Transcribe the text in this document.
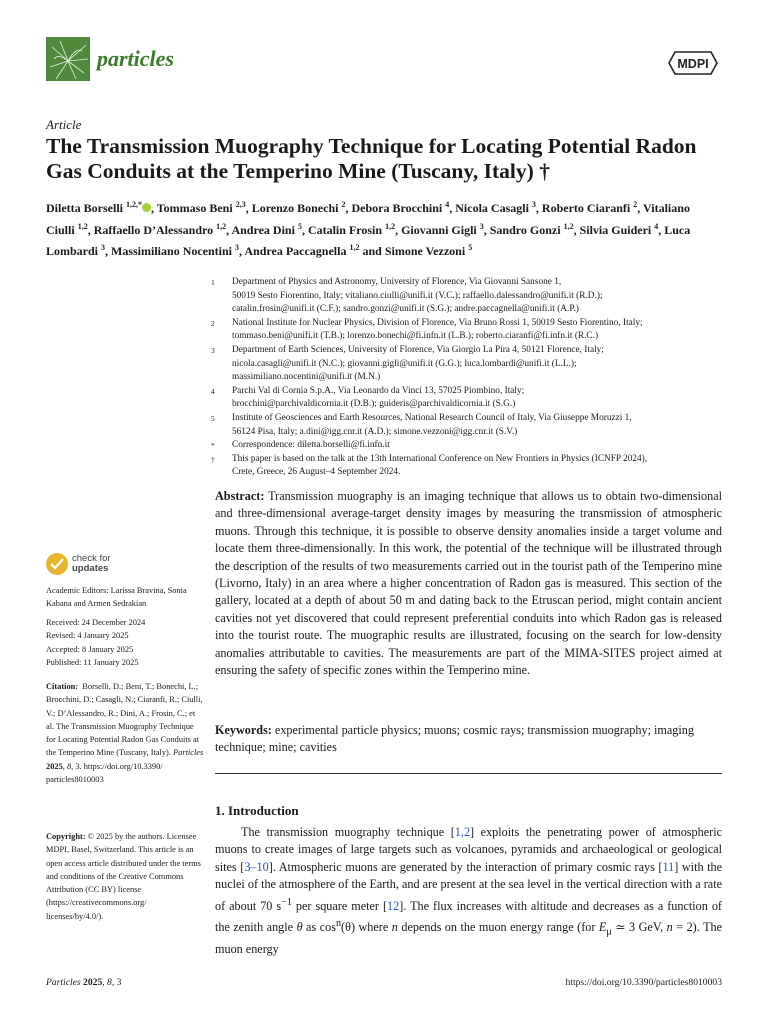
particles	MDPI
Article
The Transmission Muography Technique for Locating Potential Radon Gas Conduits at the Temperino Mine (Tuscany, Italy) †
Diletta Borselli $^{1,2,*}$ , Tommaso Beni $^{2,3}$, Lorenzo Bonechi $^2$, Debora Brocchini $^4$, Nicola Casagli $^3$, Roberto Ciaranfi $^2$, Vitaliano Ciulli $^{1,2}$, Raffaello D’Alessandro $^{1,2}$, Andrea Dini $^5$, Catalin Frosin $^{1,2}$, Giovanni Gigli $^3$, Sandro Gonzi $^{1,2}$, Silvia Guideri $^4$, Luca Lombardi $^3$, Massimiliano Nocentini $^3$, Andrea Paccagnella $^{1,2}$ and Simone Vezzoni $^5$
1 Department of Physics and Astronomy, University of Florence, Via Giovanni Sansone 1,
50019 Sesto Fiorentino, Italy; vitaliano.ciulli@unifi.it (V.C.); raffaello.dalessandro@unifi.it (R.D.);
catalin.frosin@unifi.it (C.F.); sandro.gonzi@unifi.it (S.G.); andre.paccagnella@unifi.it (A.P.)
2 National Institute for Nuclear Physics, Division of Florence, Via Bruno Rossi 1, 50019 Sesto Fiorentino, Italy;
tommaso.beni@unifi.it (T.B.); lorenzo.bonechi@fi.infn.it (L.B.); roberto.ciaranfi@fi.infn.it (R.C.)
3 Department of Earth Sciences, University of Florence, Via Giorgio La Pira 4, 50121 Florence, Italy;
nicola.casagli@unifi.it (N.C.); giovanni.gigli@unifi.it (G.G.); luca.lombardi@unifi.it (L.L.);
massimiliano.nocentini@unifi.it (M.N.)
4 Parchi Val di Cornia S.p.A., Via Leonardo da Vinci 13, 57025 Piombino, Italy;
brocchini@parchivaldicornia.it (D.B.); guideris@parchivaldicornia.it (S.G.)
5 Institute of Geosciences and Earth Resources, National Research Council of Italy, Via Giuseppe Moruzzi 1,
56124 Pisa, Italy; a.dini@igg.cnr.it (A.D.); simone.vezzoni@igg.cnr.it (S.V.)
* Correspondence: diletta.borselli@fi.infn.it
† This paper is based on the talk at the 13th International Conference on New Frontiers in Physics (ICNFP 2024),
Crete, Greece, 26 August–4 September 2024.
Abstract: Transmission muography is an imaging technique that allows us to obtain two-dimensional and three-dimensional average-target density images by measuring the transmission of atmospheric muons. Through this technique, it is possible to observe density anomalies inside a target volume and locate them three-dimensionally. In this work, the potential of the technique will be illustrated through the description of the results of two measurements carried out in the tourist path of the Temperino mine (Livorno, Italy) in an area where a higher concentration of Radon gas is measured. This section of the gallery, located at a depth of about 50 m and dating back to the Etruscan period, might contain ancient cavities not yet discovered that could represent preferential conduits into which Radon gas is released into the tourist route. The muographic results are illustrated, focusing on the search for low-density anomalies attributable to cavities. The measurements are part of the MIMA-SITES project aimed at ensuring the safety of specific zones within the Temperino mine.
Keywords: experimental particle physics; muons; cosmic rays; transmission muography; imaging technique; mine; cavities
1. Introduction

The transmission muography technique [1,2] exploits the penetrating power of atmospheric muons to create images of large targets such as volcanoes, pyramids and archaeological or geological sites [3–10]. Atmospheric muons are generated by the interaction of primary cosmic rays [11] with the nuclei of the atmosphere of the Earth, and are present at the sea level in the vertical direction with a rate of about 70 $s^{-1}$ per square meter [12]. The flux increases with altitude and decreases as a function of the zenith angle θ as $\cos^n(\theta)$ where n depends on the muon energy range (for $E_\mu$ ≃ 3 GeV, n = 2). The muon energy

check for
updates
Academic Editors: Larissa Bravina, Sonia Kabana and Armen Sedrakian
Received: 24 December 2024
Revised: 4 January 2025
Accepted: 8 January 2025
Published: 11 January 2025
Citation: Borselli, D.; Beni, T.; Bonechi, L.; Brocchini, D.; Casagli, N.; Ciaranfi, R.; Ciulli, V.; D’Alessandro, R.; Dini, A.; Frosin, C.; et al. The Transmission Muography Technique for Locating Potential Radon Gas Conduits at the Temperino Mine (Tuscany, Italy). Particles 2025, 8, 3. https://doi.org/10.3390/ particles8010003
Copyright: © 2025 by the authors. Licensee MDPI, Basel, Switzerland. This article is an open access article distributed under the terms and conditions of the Creative Commons Attribution (CC BY) license (https://creativecommons.org/ licenses/by/4.0/).
Particles 2025, 8, 3	https://doi.org/10.3390/particles8010003
